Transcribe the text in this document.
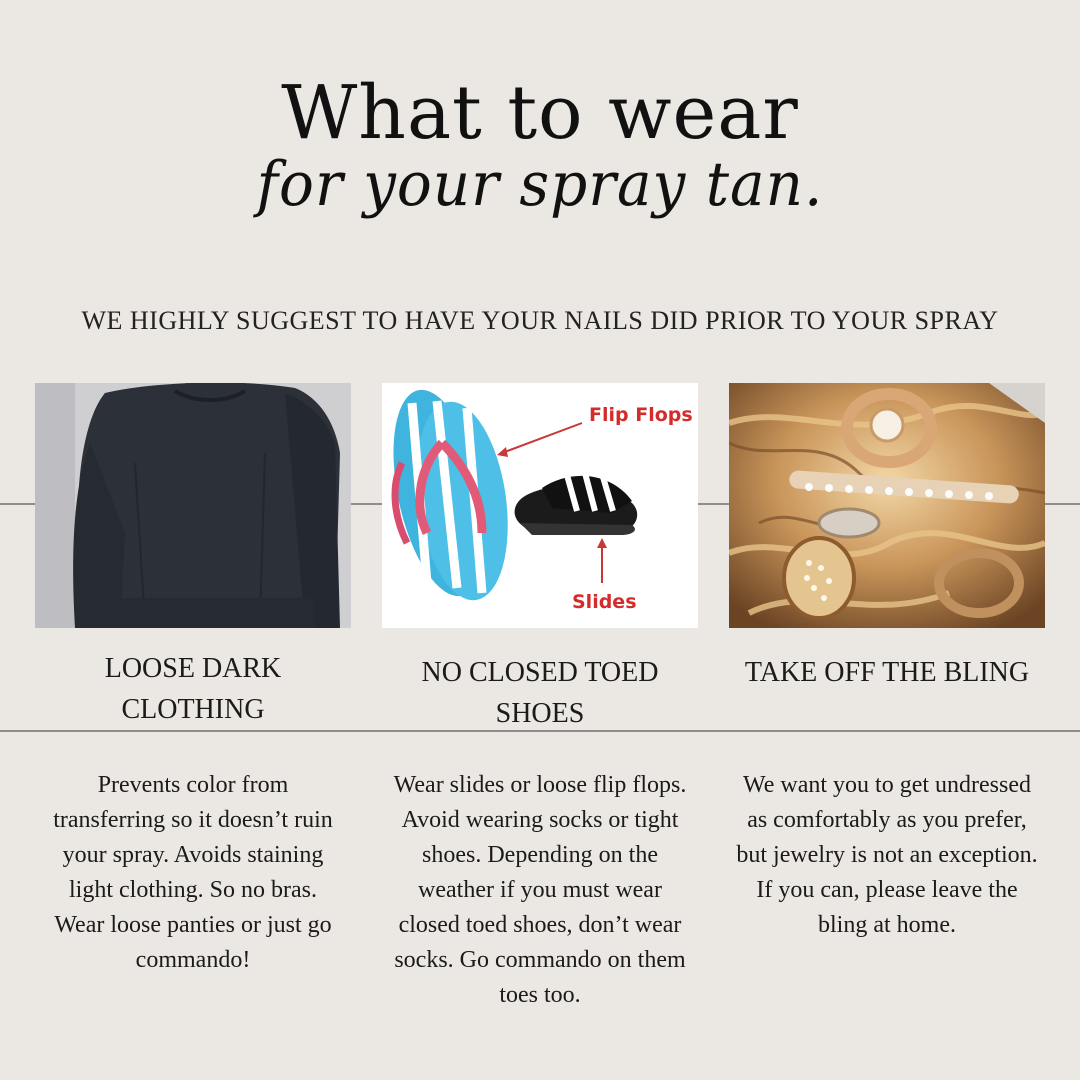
What to wear
for your spray tan.
WE HIGHLY SUGGEST TO HAVE YOUR NAILS DID PRIOR TO YOUR SPRAY
Flip Flops
Slides
LOOSE DARK CLOTHING
NO CLOSED TOED SHOES
TAKE OFF THE BLING
Prevents color from transferring so it doesn’t ruin your spray. Avoids staining light clothing. So no bras. Wear loose panties or just go commando!
Wear slides or loose flip flops. Avoid wearing socks or tight shoes. Depending on the weather if you must wear closed toed shoes, don’t wear socks. Go commando on them toes too.
We want you to get undressed as comfortably as you prefer, but jewelry is not an exception. If you can, please leave the bling at home.
